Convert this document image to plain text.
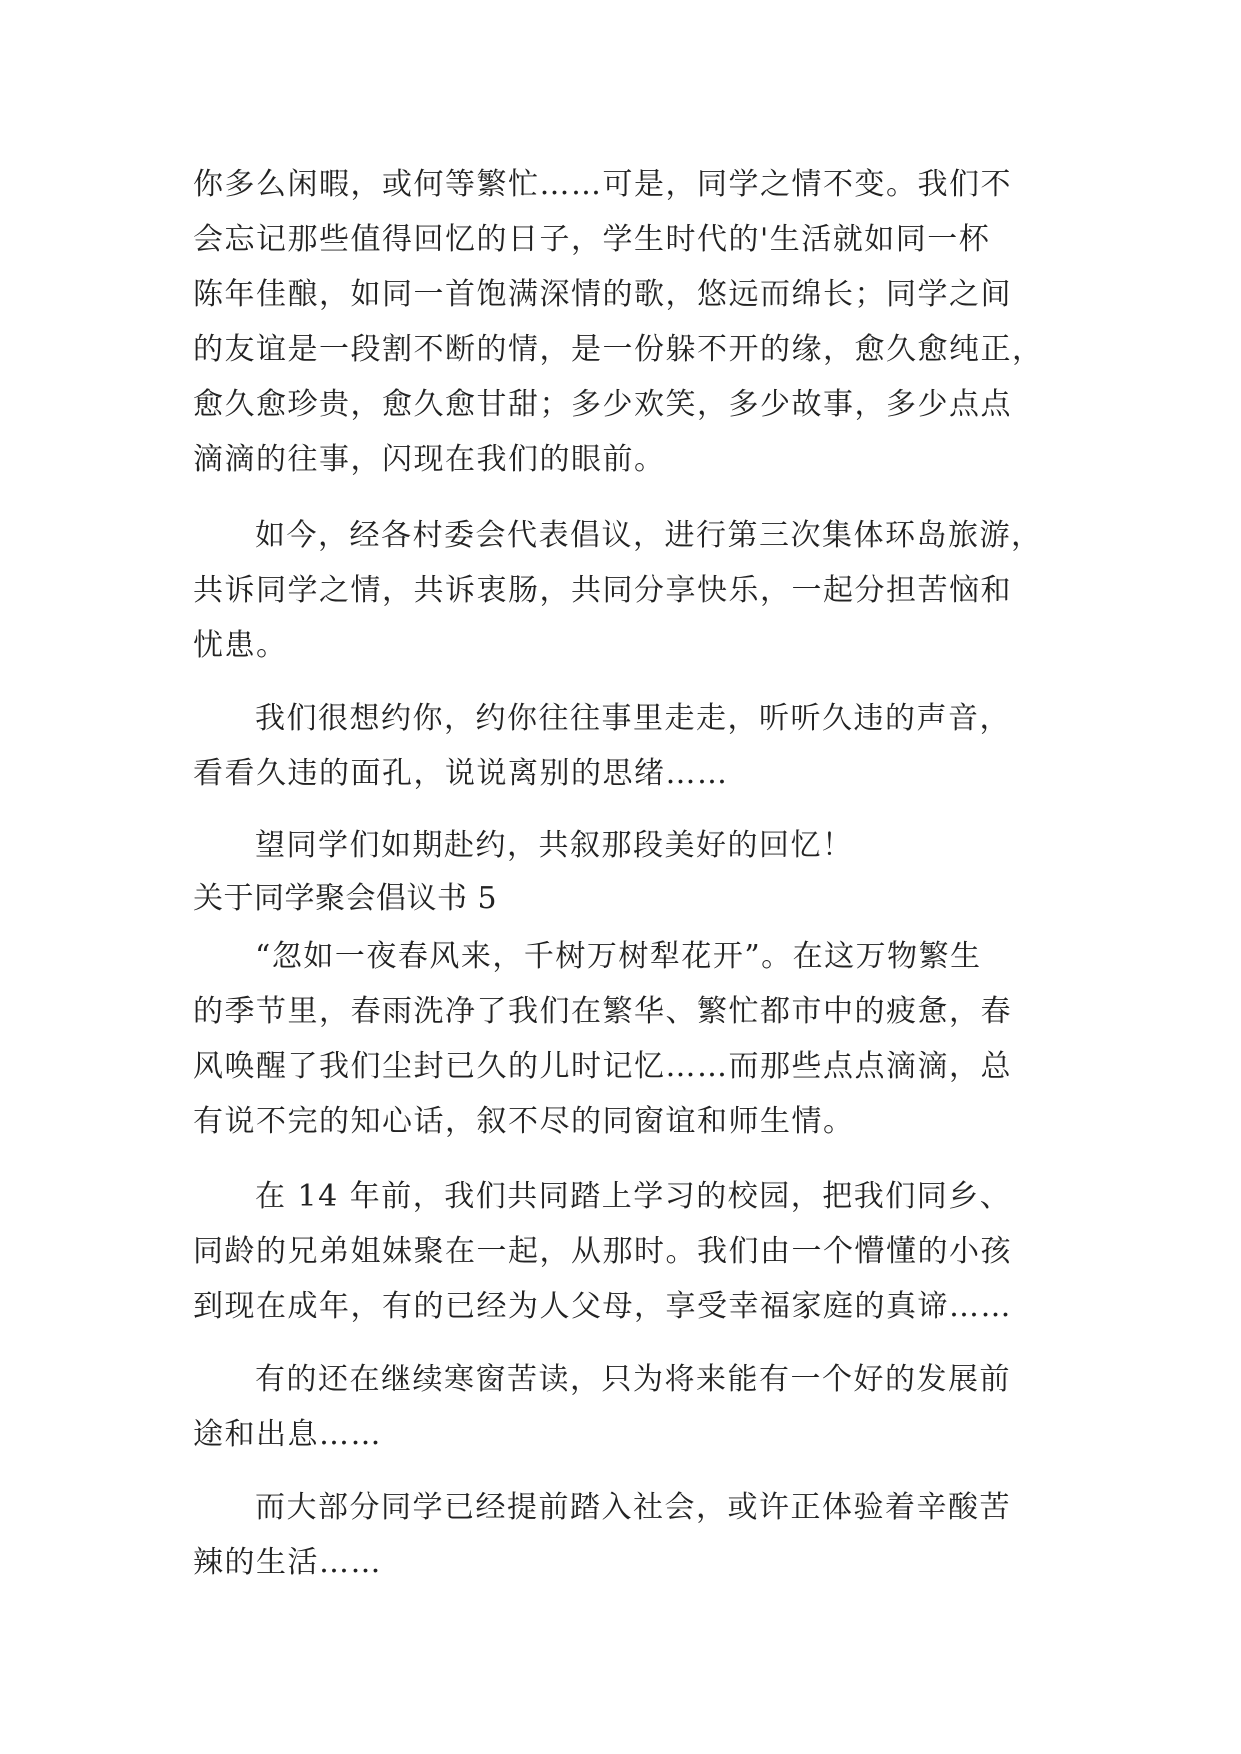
你多么闲暇，或何等繁忙……可是，同学之情不变。我们不
会忘记那些值得回忆的日子，学生时代的'生活就如同一杯
陈年佳酿，如同一首饱满深情的歌，悠远而绵长；同学之间
的友谊是一段割不断的情，是一份躲不开的缘，愈久愈纯正，
愈久愈珍贵，愈久愈甘甜；多少欢笑，多少故事，多少点点
滴滴的往事，闪现在我们的眼前。
如今，经各村委会代表倡议，进行第三次集体环岛旅游，
共诉同学之情，共诉衷肠，共同分享快乐，一起分担苦恼和
忧患。
我们很想约你，约你往往事里走走，听听久违的声音，
看看久违的面孔，说说离别的思绪……
望同学们如期赴约，共叙那段美好的回忆！
关于同学聚会倡议书 5
“忽如一夜春风来，千树万树犁花开”。在这万物繁生
的季节里，春雨洗净了我们在繁华、繁忙都市中的疲惫，春
风唤醒了我们尘封已久的儿时记忆……而那些点点滴滴，总
有说不完的知心话，叙不尽的同窗谊和师生情。
在 14 年前，我们共同踏上学习的校园，把我们同乡、
同龄的兄弟姐妹聚在一起，从那时。我们由一个懵懂的小孩
到现在成年，有的已经为人父母，享受幸福家庭的真谛……
有的还在继续寒窗苦读，只为将来能有一个好的发展前
途和出息……
而大部分同学已经提前踏入社会，或许正体验着辛酸苦
辣的生活……
